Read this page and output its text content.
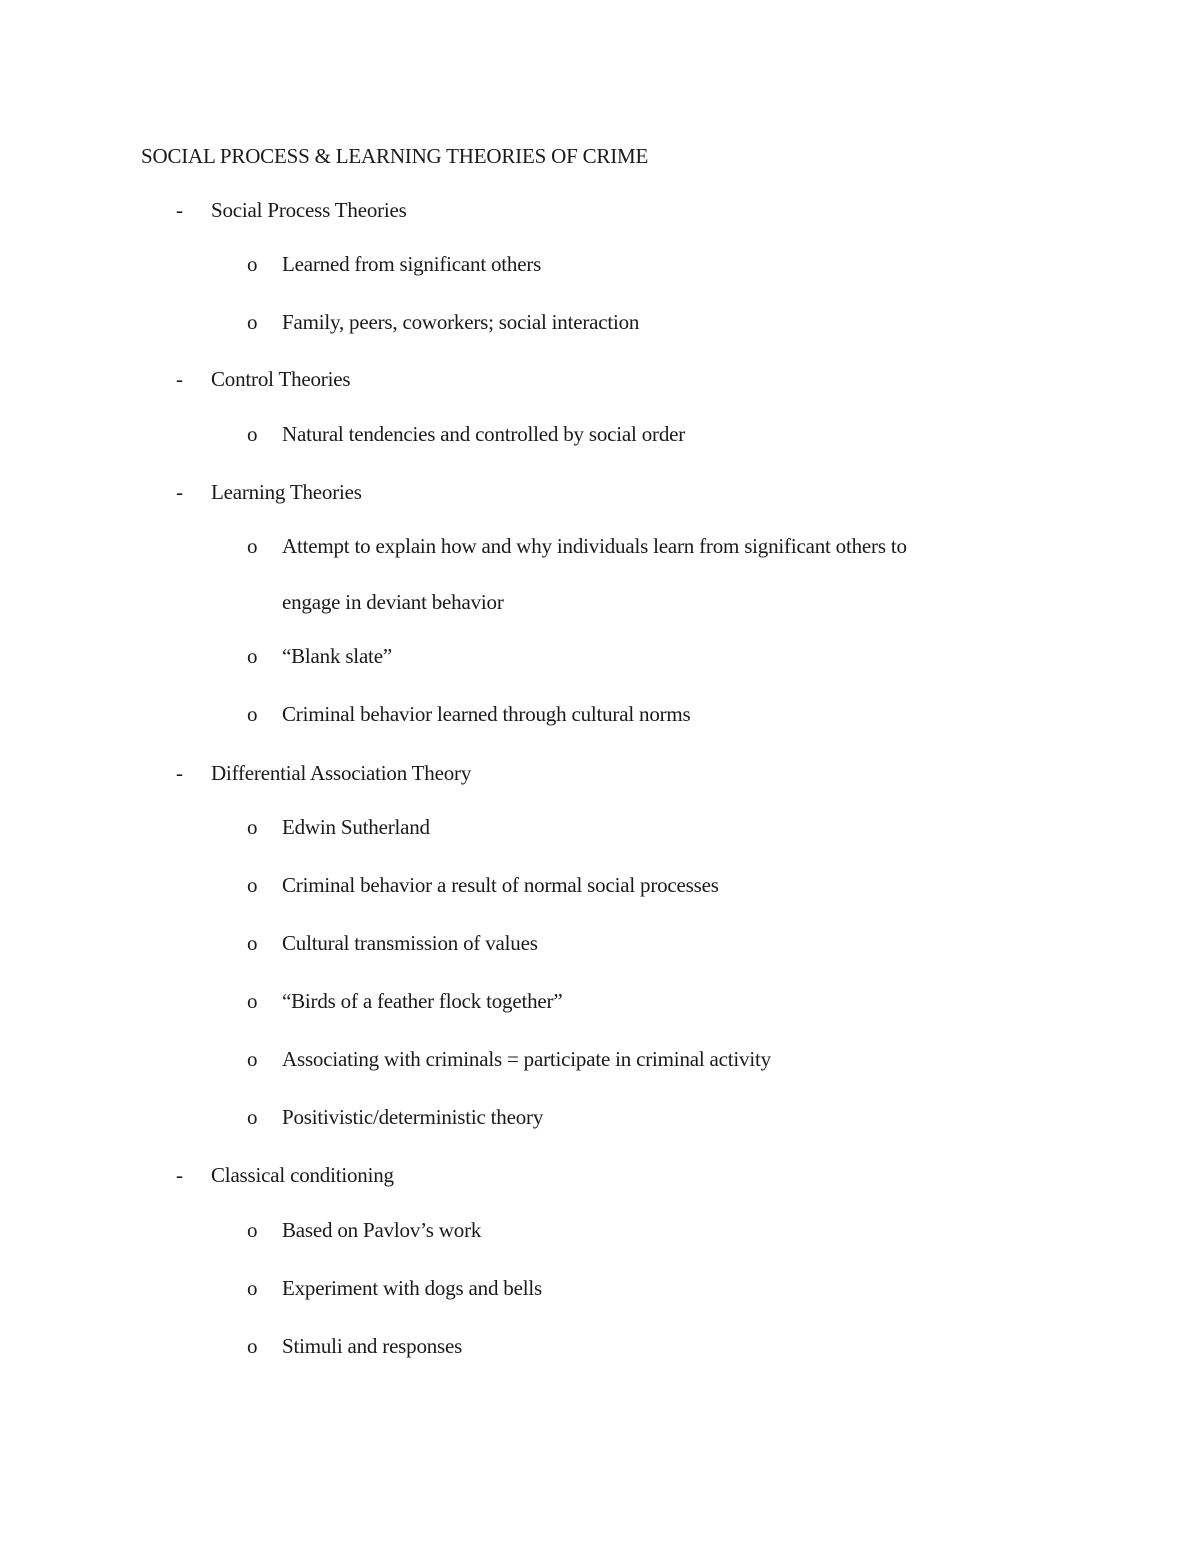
SOCIAL PROCESS & LEARNING THEORIES OF CRIME
- Social Process Theories
o Learned from significant others
o Family, peers, coworkers; social interaction
- Control Theories
o Natural tendencies and controlled by social order
- Learning Theories
o Attempt to explain how and why individuals learn from significant others to
engage in deviant behavior
o “Blank slate”
o Criminal behavior learned through cultural norms
- Differential Association Theory
o Edwin Sutherland
o Criminal behavior a result of normal social processes
o Cultural transmission of values
o “Birds of a feather flock together”
o Associating with criminals = participate in criminal activity
o Positivistic/deterministic theory
- Classical conditioning
o Based on Pavlov’s work
o Experiment with dogs and bells
o Stimuli and responses
